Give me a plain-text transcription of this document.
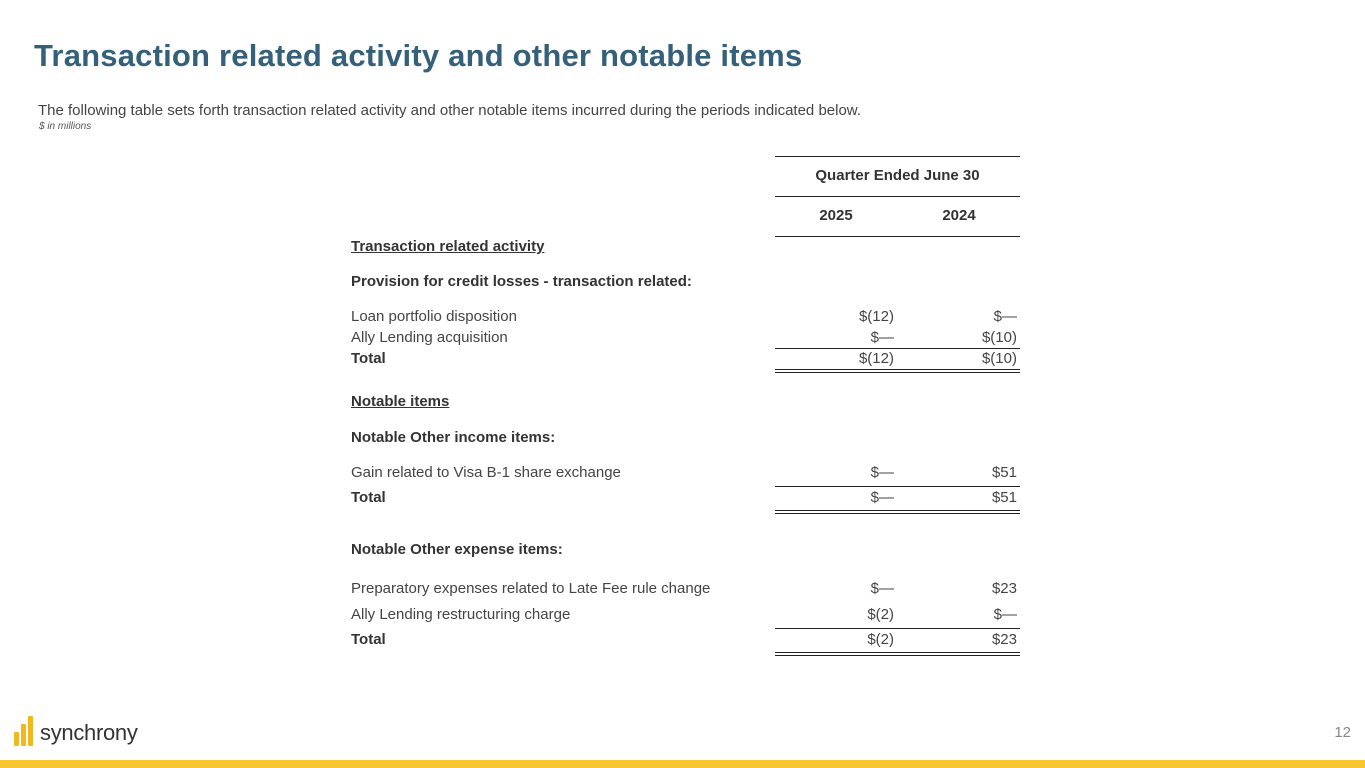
Transaction related activity and other notable items
The following table sets forth transaction related activity and other notable items incurred during the periods indicated below.
$ in millions
Quarter Ended June 30
2025	2024
Transaction related activity
Provision for credit losses - transaction related:
Loan portfolio disposition	$(12)	$—
Ally Lending acquisition	$—	$(10)
Total	$(12)	$(10)
Notable items
Notable Other income items:
Gain related to Visa B-1 share exchange	$—	$51
Total	$—	$51
Notable Other expense items:
Preparatory expenses related to Late Fee rule change	$—	$23
Ally Lending restructuring charge	$(2)	$—
Total	$(2)	$23
synchrony	12
